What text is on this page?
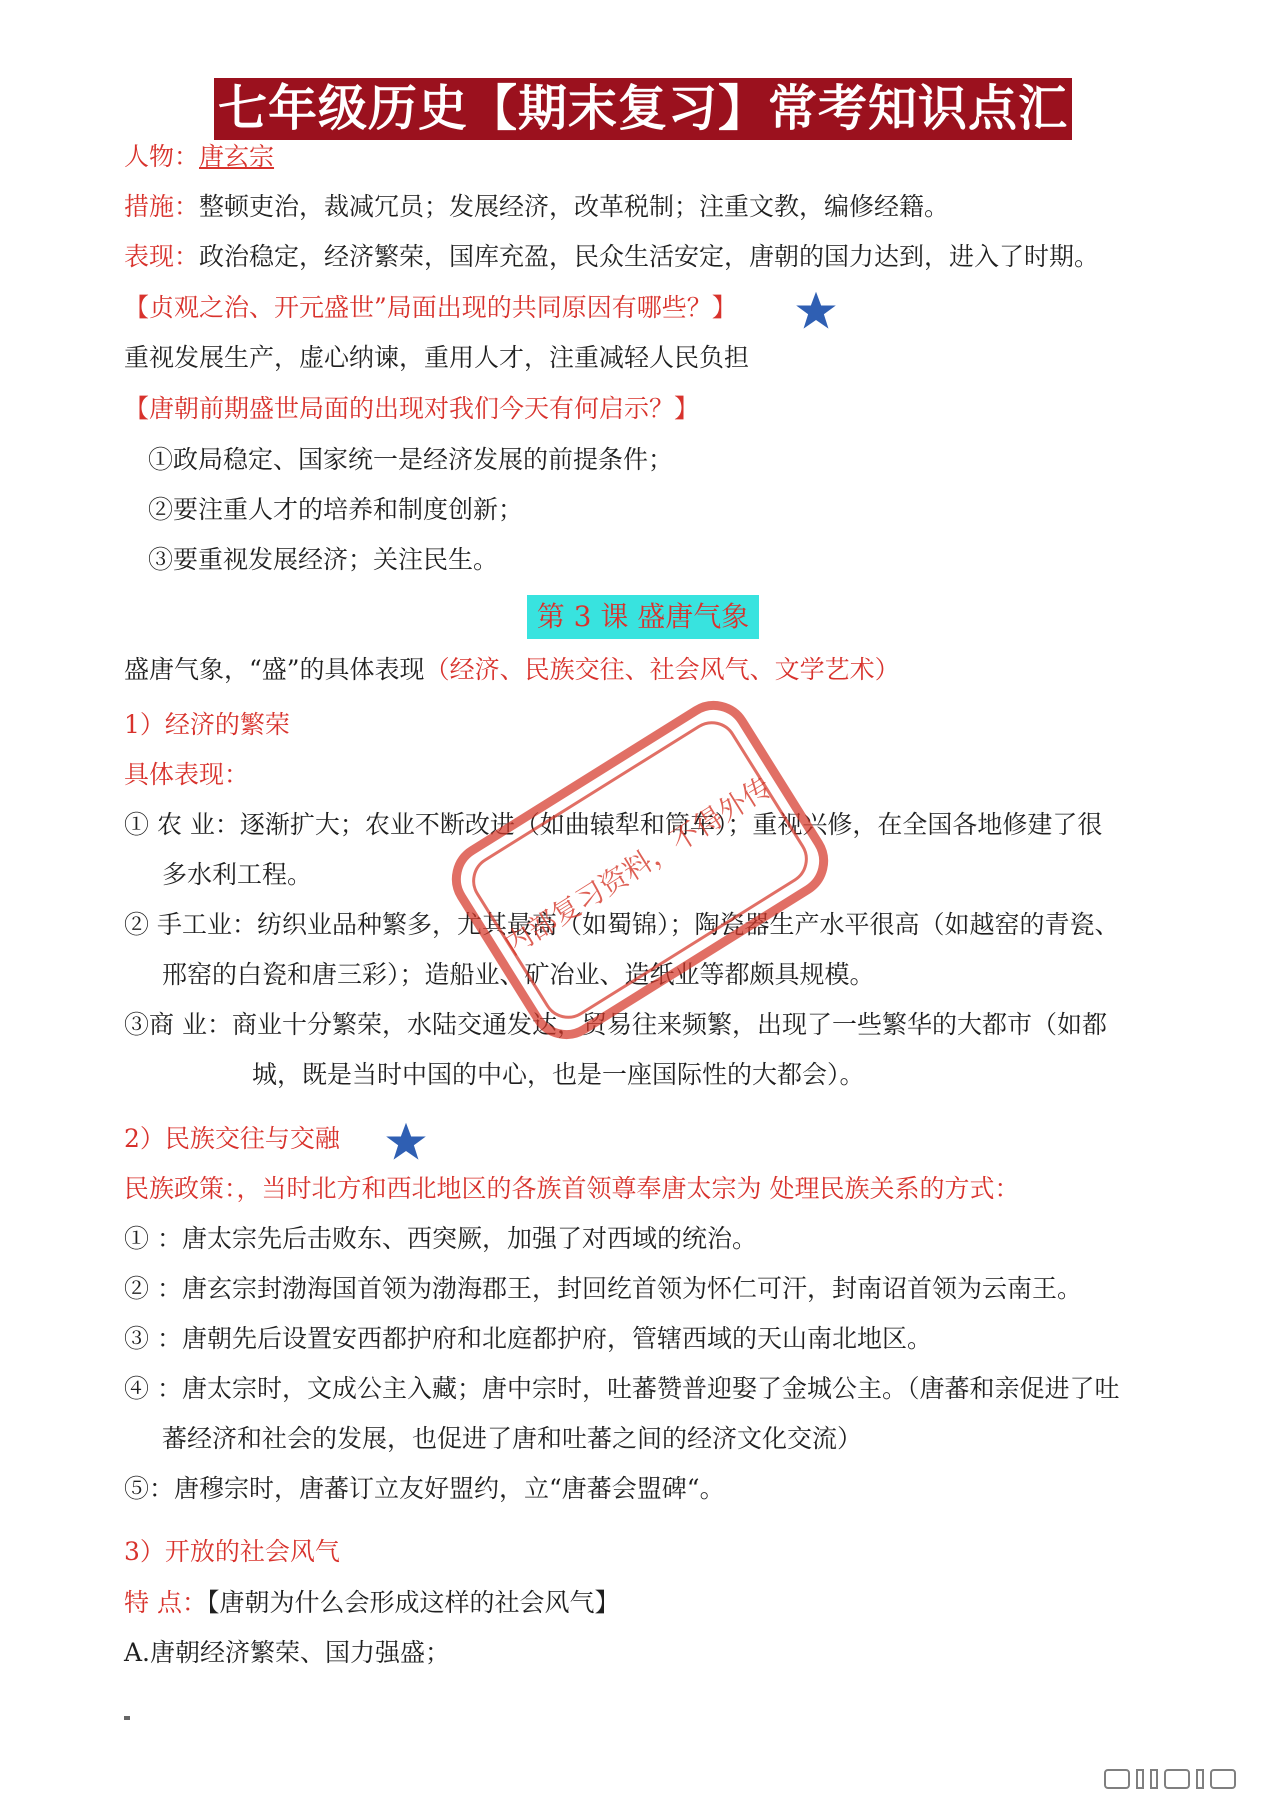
七年级历史【期末复习】常考知识点汇总
人物：唐玄宗
措施：整顿吏治，裁减冗员；发展经济，改革税制；注重文教，编修经籍。
表现：政治稳定，经济繁荣，国库充盈，民众生活安定，唐朝的国力达到，进入了时期。
【贞观之治、开元盛世”局面出现的共同原因有哪些？】
重视发展生产，虚心纳谏，重用人才，注重减轻人民负担
【唐朝前期盛世局面的出现对我们今天有何启示？】
①政局稳定、国家统一是经济发展的前提条件；
②要注重人才的培养和制度创新；
③要重视发展经济；关注民生。
第 3 课 盛唐气象
盛唐气象，“盛”的具体表现（经济、民族交往、社会风气、文学艺术）
1）经济的繁荣
具体表现：
① 农 业：逐渐扩大；农业不断改进（如曲辕犁和筒车）；重视兴修，在全国各地修建了很
多水利工程。
② 手工业：纺织业品种繁多，尤其最高（如蜀锦）；陶瓷器生产水平很高（如越窑的青瓷、
邢窑的白瓷和唐三彩）；造船业、矿冶业、造纸业等都颇具规模。
③商 业：商业十分繁荣，水陆交通发达，贸易往来频繁，出现了一些繁华的大都市（如都
城，既是当时中国的中心，也是一座国际性的大都会）。
2）民族交往与交融
民族政策：，当时北方和西北地区的各族首领尊奉唐太宗为 处理民族关系的方式：
① ：唐太宗先后击败东、西突厥，加强了对西域的统治。
② ：唐玄宗封渤海国首领为渤海郡王，封回纥首领为怀仁可汗，封南诏首领为云南王。
③ ：唐朝先后设置安西都护府和北庭都护府，管辖西域的天山南北地区。
④ ：唐太宗时，文成公主入藏；唐中宗时，吐蕃赞普迎娶了金城公主。（唐蕃和亲促进了吐
蕃经济和社会的发展，也促进了唐和吐蕃之间的经济文化交流）
⑤：唐穆宗时，唐蕃订立友好盟约，立“唐蕃会盟碑“。
3）开放的社会风气
特 点：【唐朝为什么会形成这样的社会风气】
A.唐朝经济繁荣、国力强盛；
内部复习资料，不得外传
